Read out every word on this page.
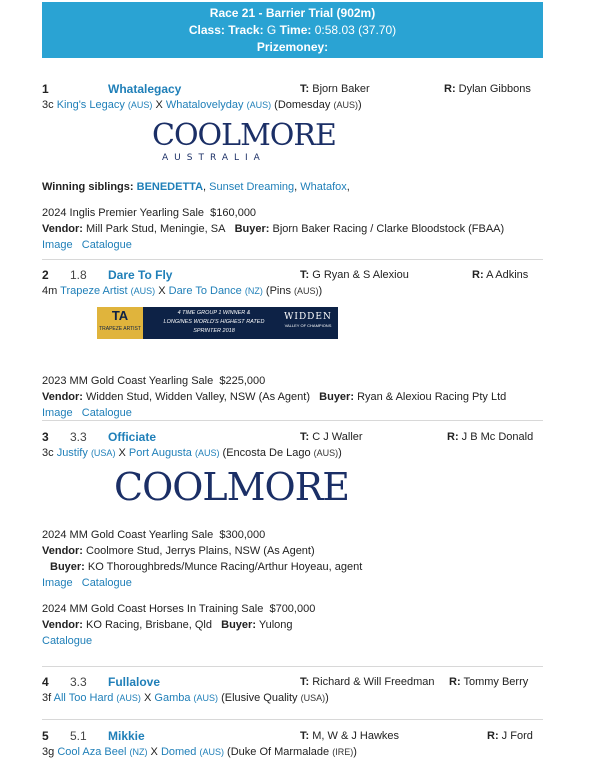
Race 21 - Barrier Trial (902m)
Class: Track: G Time: 0:58.03 (37.70)
Prizemoney:
1	Whatalegacy	T: Bjorn Baker	R: Dylan Gibbons
3c King's Legacy (AUS) X Whatalovelyday (AUS) (Domesday (AUS))
COOLMORE
AUSTRALIA
Winning siblings: BENEDETTA, Sunset Dreaming, Whatafox,
2024 Inglis Premier Yearling Sale $160,000
Vendor: Mill Park Stud, Meningie, SA Buyer: Bjorn Baker Racing / Clarke Bloodstock (FBAA)
Image Catalogue
2 1.8 Dare To Fly	T: G Ryan & S Alexiou	R: A Adkins
4m Trapeze Artist (AUS) X Dare To Dance (NZ) (Pins (AUS))
TA
TRAPEZE ARTIST
4 TIME GROUP 1 WINNER &
LONGINES WORLD'S HIGHEST RATED
SPRINTER 2018
WIDDEN
VALLEY OF CHAMPIONS
2023 MM Gold Coast Yearling Sale $225,000
Vendor: Widden Stud, Widden Valley, NSW (As Agent) Buyer: Ryan & Alexiou Racing Pty Ltd
Image Catalogue
3 3.3 Officiate	T: C J Waller	R: J B Mc Donald
3c Justify (USA) X Port Augusta (AUS) (Encosta De Lago (AUS))
COOLMORE
2024 MM Gold Coast Yearling Sale $300,000
Vendor: Coolmore Stud, Jerrys Plains, NSW (As Agent)
Buyer: KO Thoroughbreds/Munce Racing/Arthur Hoyeau, agent
Image Catalogue
2024 MM Gold Coast Horses In Training Sale $700,000
Vendor: KO Racing, Brisbane, Qld Buyer: Yulong
Catalogue
4 3.3 Fullalove	T: Richard & Will Freedman R: Tommy Berry
3f All Too Hard (AUS) X Gamba (AUS) (Elusive Quality (USA))
5 5.1 Mikkie	T: M, W & J Hawkes	R: J Ford
3g Cool Aza Beel (NZ) X Domed (AUS) (Duke Of Marmalade (IRE))
